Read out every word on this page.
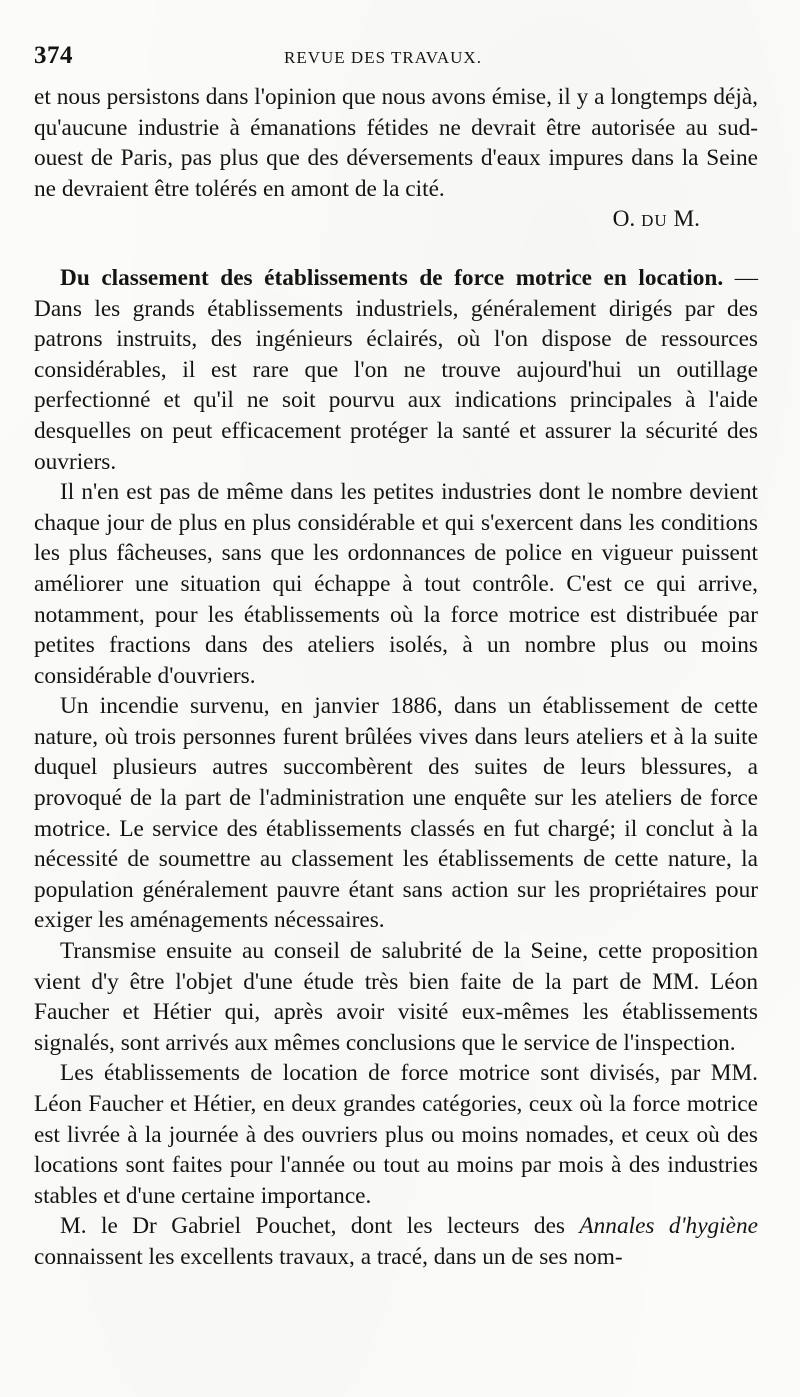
374	REVUE DES TRAVAUX.

et nous persistons dans l'opinion que nous avons émise, il y a longtemps déjà, qu'aucune industrie à émanations fétides ne devrait être autorisée au sud-ouest de Paris, pas plus que des déversements d'eaux impures dans la Seine ne devraient être tolérés en amont de la cité.

O. DU M.

Du classement des établissements de force motrice en location. — Dans les grands établissements industriels, généralement dirigés par des patrons instruits, des ingénieurs éclairés, où l'on dispose de ressources considérables, il est rare que l'on ne trouve aujourd'hui un outillage perfectionné et qu'il ne soit pourvu aux indications principales à l'aide desquelles on peut efficacement protéger la santé et assurer la sécurité des ouvriers.

Il n'en est pas de même dans les petites industries dont le nombre devient chaque jour de plus en plus considérable et qui s'exercent dans les conditions les plus fâcheuses, sans que les ordonnances de police en vigueur puissent améliorer une situation qui échappe à tout contrôle. C'est ce qui arrive, notamment, pour les établissements où la force motrice est distribuée par petites fractions dans des ateliers isolés, à un nombre plus ou moins considérable d'ouvriers.

Un incendie survenu, en janvier 1886, dans un établissement de cette nature, où trois personnes furent brûlées vives dans leurs ateliers et à la suite duquel plusieurs autres succombèrent des suites de leurs blessures, a provoqué de la part de l'administration une enquête sur les ateliers de force motrice. Le service des établissements classés en fut chargé; il conclut à la nécessité de soumettre au classement les établissements de cette nature, la population généralement pauvre étant sans action sur les propriétaires pour exiger les aménagements nécessaires.

Transmise ensuite au conseil de salubrité de la Seine, cette proposition vient d'y être l'objet d'une étude très bien faite de la part de MM. Léon Faucher et Hétier qui, après avoir visité eux-mêmes les établissements signalés, sont arrivés aux mêmes conclusions que le service de l'inspection.

Les établissements de location de force motrice sont divisés, par MM. Léon Faucher et Hétier, en deux grandes catégories, ceux où la force motrice est livrée à la journée à des ouvriers plus ou moins nomades, et ceux où des locations sont faites pour l'année ou tout au moins par mois à des industries stables et d'une certaine importance.

M. le Dr Gabriel Pouchet, dont les lecteurs des Annales d'hygiène connaissent les excellents travaux, a tracé, dans un de ses nom-
